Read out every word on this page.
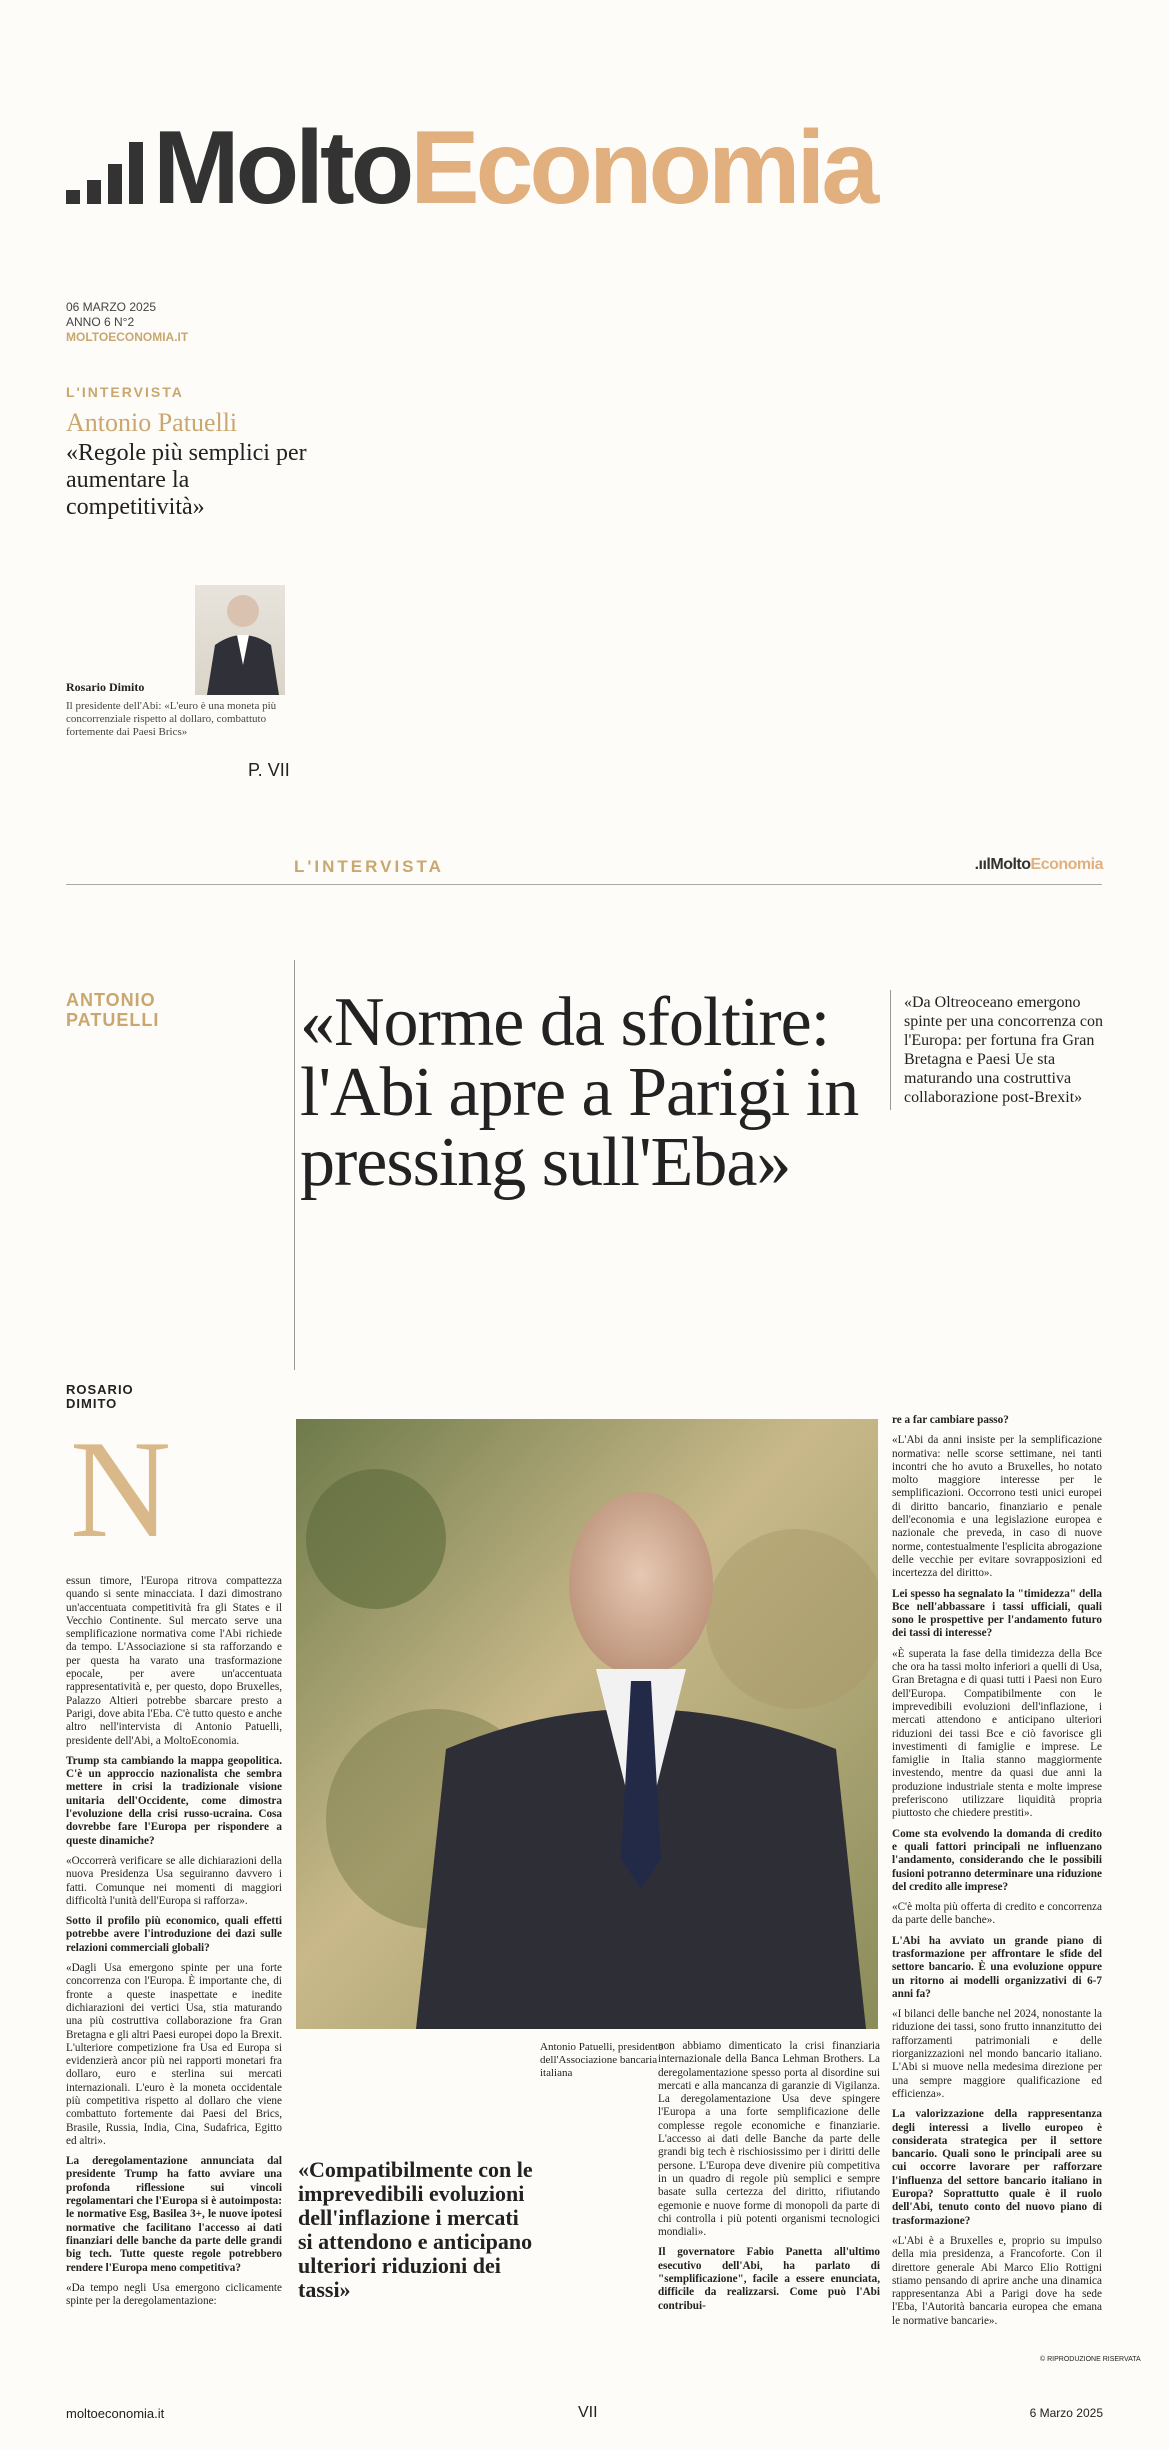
Molto Economia
06 MARZO 2025
ANNO 6 N°2
MOLTOECONOMIA.IT
L'INTERVISTA
Antonio Patuelli
«Regole più semplici per aumentare la competitività»
Rosario Dimito
Il presidente dell'Abi: «L'euro è una moneta più concorrenziale rispetto al dollaro, combattuto fortemente dai Paesi Brics»
P. VII
L'INTERVISTA	.ıılMoltoEconomia
ANTONIO PATUELLI	«Norme da sfoltire: l'Abi apre a Parigi in pressing sull'Eba»
«Da Oltreoceano emergono spinte per una concorrenza con l'Europa: per fortuna fra Gran Bretagna e Paesi Ue sta maturando una costruttiva collaborazione post-Brexit»
ROSARIO DIMITO
N

essun timore, l'Europa ritrova compattezza quando si sente minacciata. I dazi dimostrano un'accentuata competitività fra gli States e il Vecchio Continente. Sul mercato serve una semplificazione normativa come l'Abi richiede da tempo. L'Associazione si sta rafforzando e per questa ha varato una trasformazione epocale, per avere un'accentuata rappresentatività e, per questo, dopo Bruxelles, Palazzo Altieri potrebbe sbarcare presto a Parigi, dove abita l'Eba. C'è tutto questo e anche altro nell'intervista di Antonio Patuelli, presidente dell'Abi, a MoltoEconomia.

Trump sta cambiando la mappa geopolitica. C'è un approccio nazionalista che sembra mettere in crisi la tradizionale visione unitaria dell'Occidente, come dimostra l'evoluzione della crisi russo-ucraina. Cosa dovrebbe fare l'Europa per rispondere a queste dinamiche?

«Occorrerà verificare se alle dichiarazioni della nuova Presidenza Usa seguiranno davvero i fatti. Comunque nei momenti di maggiori difficoltà l'unità dell'Europa si rafforza».

Sotto il profilo più economico, quali effetti potrebbe avere l'introduzione dei dazi sulle relazioni commerciali globali?

«Dagli Usa emergono spinte per una forte concorrenza con l'Europa. È importante che, di fronte a queste inaspettate e inedite dichiarazioni dei vertici Usa, stia maturando una più costruttiva collaborazione fra Gran Bretagna e gli altri Paesi europei dopo la Brexit. L'ulteriore competizione fra Usa ed Europa si evidenzierà ancor più nei rapporti monetari fra dollaro, euro e sterlina sui mercati internazionali. L'euro è la moneta occidentale più competitiva rispetto al dollaro che viene combattuto fortemente dai Paesi del Brics, Brasile, Russia, India, Cina, Sudafrica, Egitto ed altri».

La deregolamentazione annunciata dal presidente Trump ha fatto avviare una profonda riflessione sui vincoli regolamentari che l'Europa si è autoimposta: le normative Esg, Basilea 3+, le nuove ipotesi normative che facilitano l'accesso ai dati finanziari delle banche da parte delle grandi big tech. Tutte queste regole potrebbero rendere l'Europa meno competitiva?

«Da tempo negli Usa emergono ciclicamente spinte per la deregolamentazione:

Antonio Patuelli, presidente dell'Associazione bancaria italiana
«Compatibilmente con le imprevedibili evoluzioni dell'inflazione i mercati si attendono e anticipano ulteriori riduzioni dei tassi»

non abbiamo dimenticato la crisi finanziaria internazionale della Banca Lehman Brothers. La deregolamentazione spesso porta al disordine sui mercati e alla mancanza di garanzie di Vigilanza. La deregolamentazione Usa deve spingere l'Europa a una forte semplificazione delle complesse regole economiche e finanziarie. L'accesso ai dati delle Banche da parte delle grandi big tech è rischiosissimo per i diritti delle persone. L'Europa deve divenire più competitiva in un quadro di regole più semplici e sempre basate sulla certezza del diritto, rifiutando egemonie e nuove forme di monopoli da parte di chi controlla i più potenti organismi tecnologici mondiali».

Il governatore Fabio Panetta all'ultimo esecutivo dell'Abi, ha parlato di "semplificazione", facile a essere enunciata, difficile da realizzarsi. Come può l'Abi contribui-

re a far cambiare passo?

«L'Abi da anni insiste per la semplificazione normativa: nelle scorse settimane, nei tanti incontri che ho avuto a Bruxelles, ho notato molto maggiore interesse per le semplificazioni. Occorrono testi unici europei di diritto bancario, finanziario e penale dell'economia e una legislazione europea e nazionale che preveda, in caso di nuove norme, contestualmente l'esplicita abrogazione delle vecchie per evitare sovrapposizioni ed incertezza del diritto».

Lei spesso ha segnalato la "timidezza" della Bce nell'abbassare i tassi ufficiali, quali sono le prospettive per l'andamento futuro dei tassi di interesse?

«È superata la fase della timidezza della Bce che ora ha tassi molto inferiori a quelli di Usa, Gran Bretagna e di quasi tutti i Paesi non Euro dell'Europa. Compatibilmente con le imprevedibili evoluzioni dell'inflazione, i mercati attendono e anticipano ulteriori riduzioni dei tassi Bce e ciò favorisce gli investimenti di famiglie e imprese. Le famiglie in Italia stanno maggiormente investendo, mentre da quasi due anni la produzione industriale stenta e molte imprese preferiscono utilizzare liquidità propria piuttosto che chiedere prestiti».

Come sta evolvendo la domanda di credito e quali fattori principali ne influenzano l'andamento, considerando che le possibili fusioni potranno determinare una riduzione del credito alle imprese?

«C'è molta più offerta di credito e concorrenza da parte delle banche».

L'Abi ha avviato un grande piano di trasformazione per affrontare le sfide del settore bancario. È una evoluzione oppure un ritorno ai modelli organizzativi di 6-7 anni fa?

«I bilanci delle banche nel 2024, nonostante la riduzione dei tassi, sono frutto innanzitutto dei rafforzamenti patrimoniali e delle riorganizzazioni nel mondo bancario italiano. L'Abi si muove nella medesima direzione per una sempre maggiore qualificazione ed efficienza».

La valorizzazione della rappresentanza degli interessi a livello europeo è considerata strategica per il settore bancario. Quali sono le principali aree su cui occorre lavorare per rafforzare l'influenza del settore bancario italiano in Europa? Soprattutto quale è il ruolo dell'Abi, tenuto conto del nuovo piano di trasformazione?

«L'Abi è a Bruxelles e, proprio su impulso della mia presidenza, a Francoforte. Con il direttore generale Abi Marco Elio Rottigni stiamo pensando di aprire anche una dinamica rappresentanza Abi a Parigi dove ha sede l'Eba, l'Autorità bancaria europea che emana le normative bancarie».

© RIPRODUZIONE RISERVATA
moltoeconomia.it	VII	6 Marzo 2025
